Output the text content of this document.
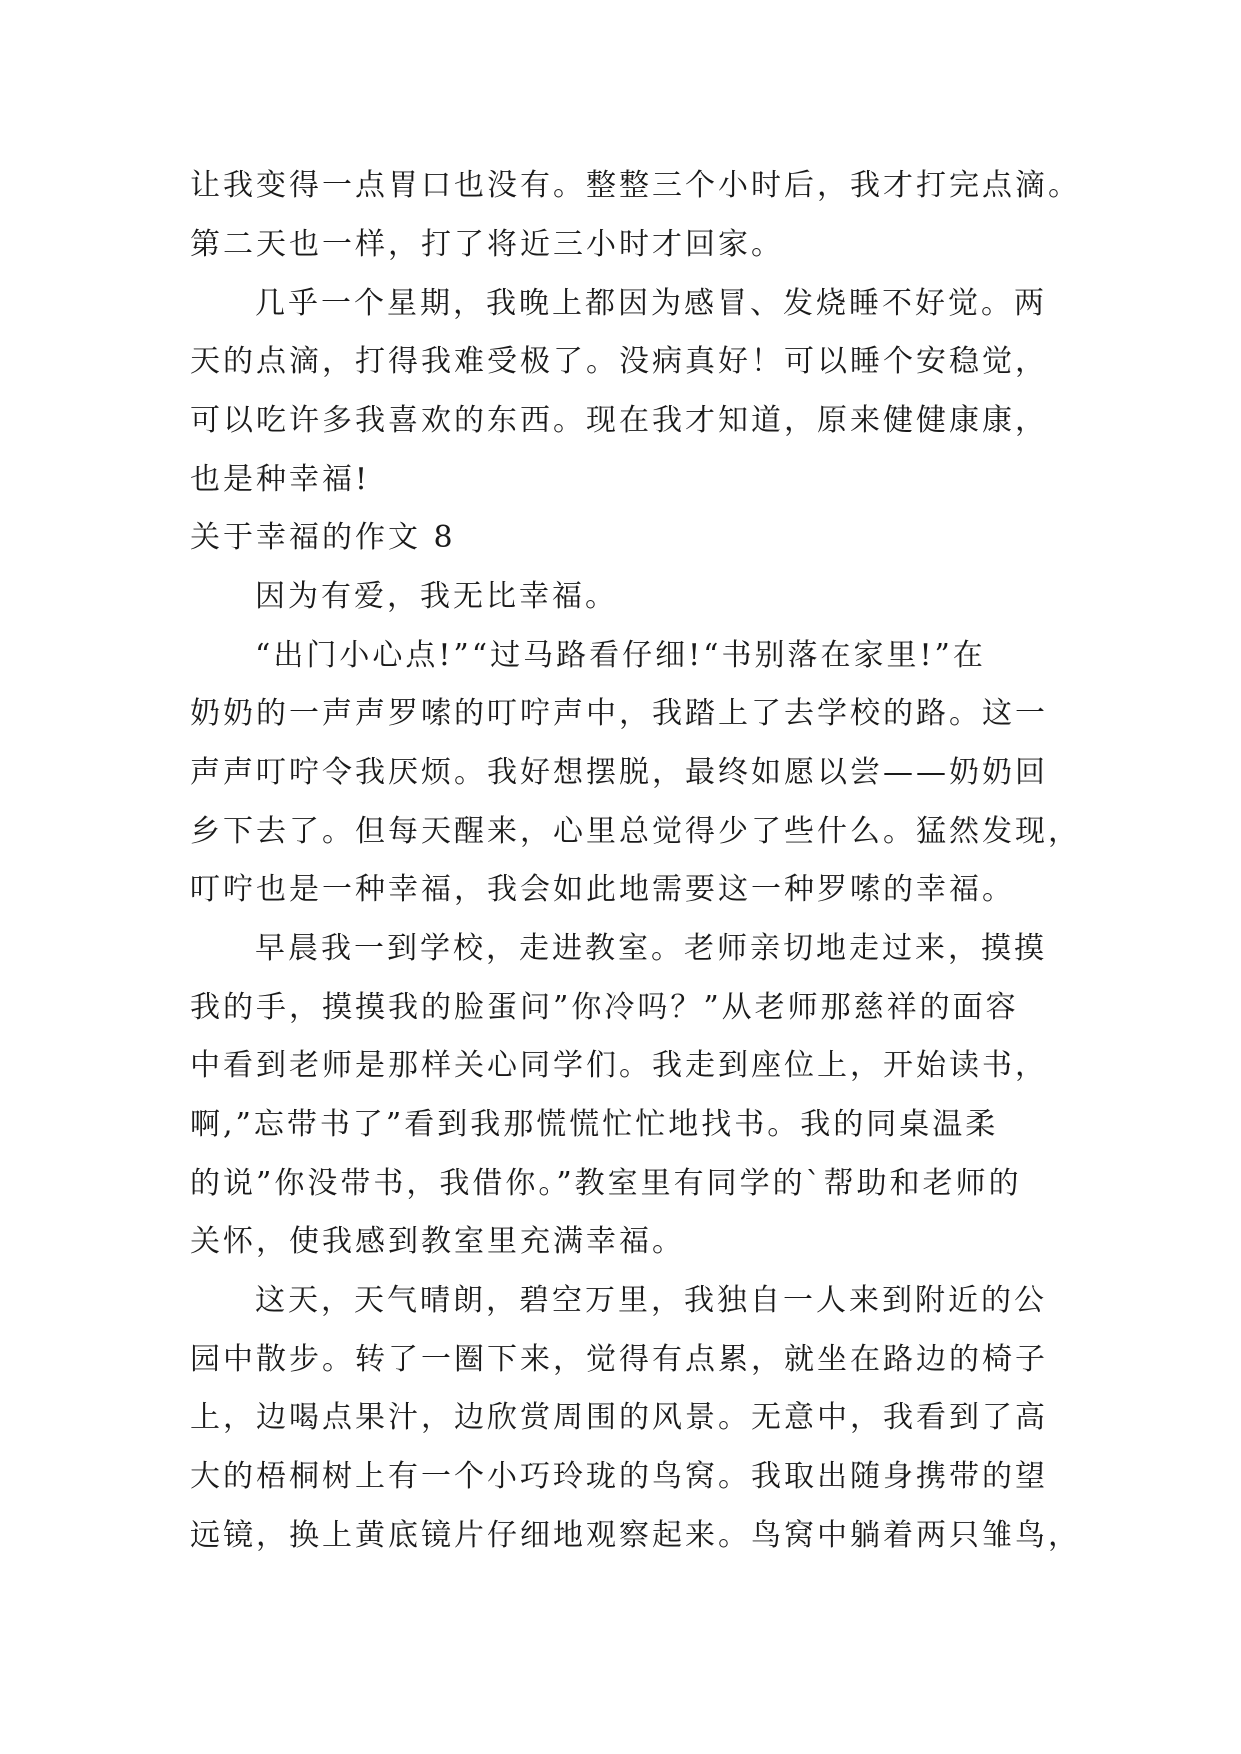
让我变得一点胃口也没有。整整三个小时后，我才打完点滴。
第二天也一样，打了将近三小时才回家。
几乎一个星期，我晚上都因为感冒、发烧睡不好觉。两
天的点滴，打得我难受极了。没病真好！可以睡个安稳觉，
可以吃许多我喜欢的东西。现在我才知道，原来健健康康，
也是种幸福!
关于幸福的作文 8
因为有爱，我无比幸福。
“出门小心点!”“过马路看仔细!“书别落在家里!”在
奶奶的一声声罗嗦的叮咛声中，我踏上了去学校的路。这一
声声叮咛令我厌烦。我好想摆脱，最终如愿以尝——奶奶回
乡下去了。但每天醒来，心里总觉得少了些什么。猛然发现，
叮咛也是一种幸福，我会如此地需要这一种罗嗦的幸福。
早晨我一到学校，走进教室。老师亲切地走过来，摸摸
我的手，摸摸我的脸蛋问”你冷吗？”从老师那慈祥的面容
中看到老师是那样关心同学们。我走到座位上，开始读书，
啊,”忘带书了”看到我那慌慌忙忙地找书。我的同桌温柔
的说”你没带书，我借你。”教室里有同学的`帮助和老师的
关怀，使我感到教室里充满幸福。
这天，天气晴朗，碧空万里，我独自一人来到附近的公
园中散步。转了一圈下来，觉得有点累，就坐在路边的椅子
上，边喝点果汁，边欣赏周围的风景。无意中，我看到了高
大的梧桐树上有一个小巧玲珑的鸟窝。我取出随身携带的望
远镜，换上黄底镜片仔细地观察起来。鸟窝中躺着两只雏鸟，
